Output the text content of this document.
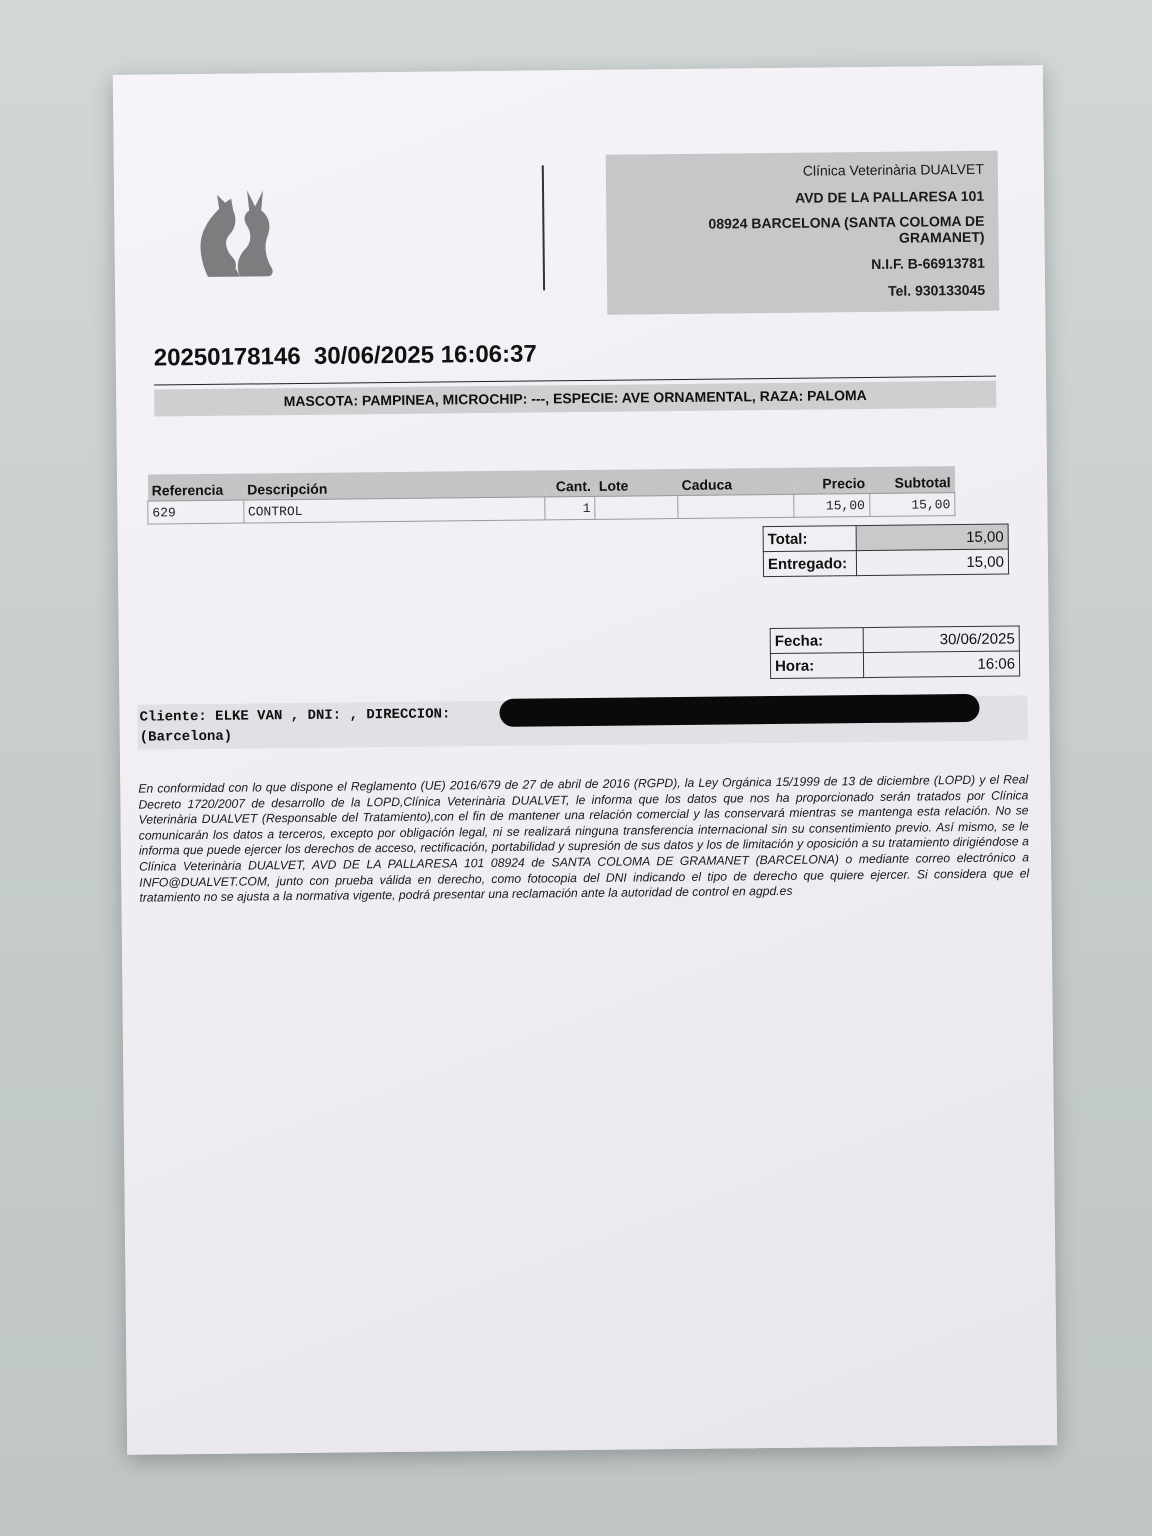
Clínica Veterinària DUALVET
AVD DE LA PALLARESA 101
08924 BARCELONA (SANTA COLOMA DE GRAMANET)
N.I.F. B-66913781
Tel. 930133045
20250178146  30/06/2025 16:06:37
MASCOTA: PAMPINEA, MICROCHIP: ---, ESPECIE: AVE ORNAMENTAL, RAZA: PALOMA
Referencia	Descripción	Cant.	Lote	Caduca	Precio	Subtotal
629	CONTROL	1			15,00	15,00
Total:	15,00
Entregado:	15,00
Fecha:	30/06/2025
Hora:	16:06
Cliente: ELKE VAN , DNI: , DIRECCION:
(Barcelona)
En conformidad con lo que dispone el Reglamento (UE) 2016/679 de 27 de abril de 2016 (RGPD), la Ley Orgánica 15/1999 de 13 de diciembre (LOPD) y el Real Decreto 1720/2007 de desarrollo de la LOPD,Clínica Veterinària DUALVET, le informa que los datos que nos ha proporcionado serán tratados por Clínica Veterinària DUALVET (Responsable del Tratamiento),con el fin de mantener una relación comercial y las conservará mientras se mantenga esta relación. No se comunicarán los datos a terceros, excepto por obligación legal, ni se realizará ninguna transferencia internacional sin su consentimiento previo. Así mismo, se le informa que puede ejercer los derechos de acceso, rectificación, portabilidad y supresión de sus datos y los de limitación y oposición a su tratamiento dirigiéndose a Clínica Veterinària DUALVET, AVD DE LA PALLARESA 101 08924 de SANTA COLOMA DE GRAMANET (BARCELONA) o mediante correo electrónico a INFO@DUALVET.COM, junto con prueba válida en derecho, como fotocopia del DNI indicando el tipo de derecho que quiere ejercer. Si considera que el tratamiento no se ajusta a la normativa vigente, podrá presentar una reclamación ante la autoridad de control en agpd.es
